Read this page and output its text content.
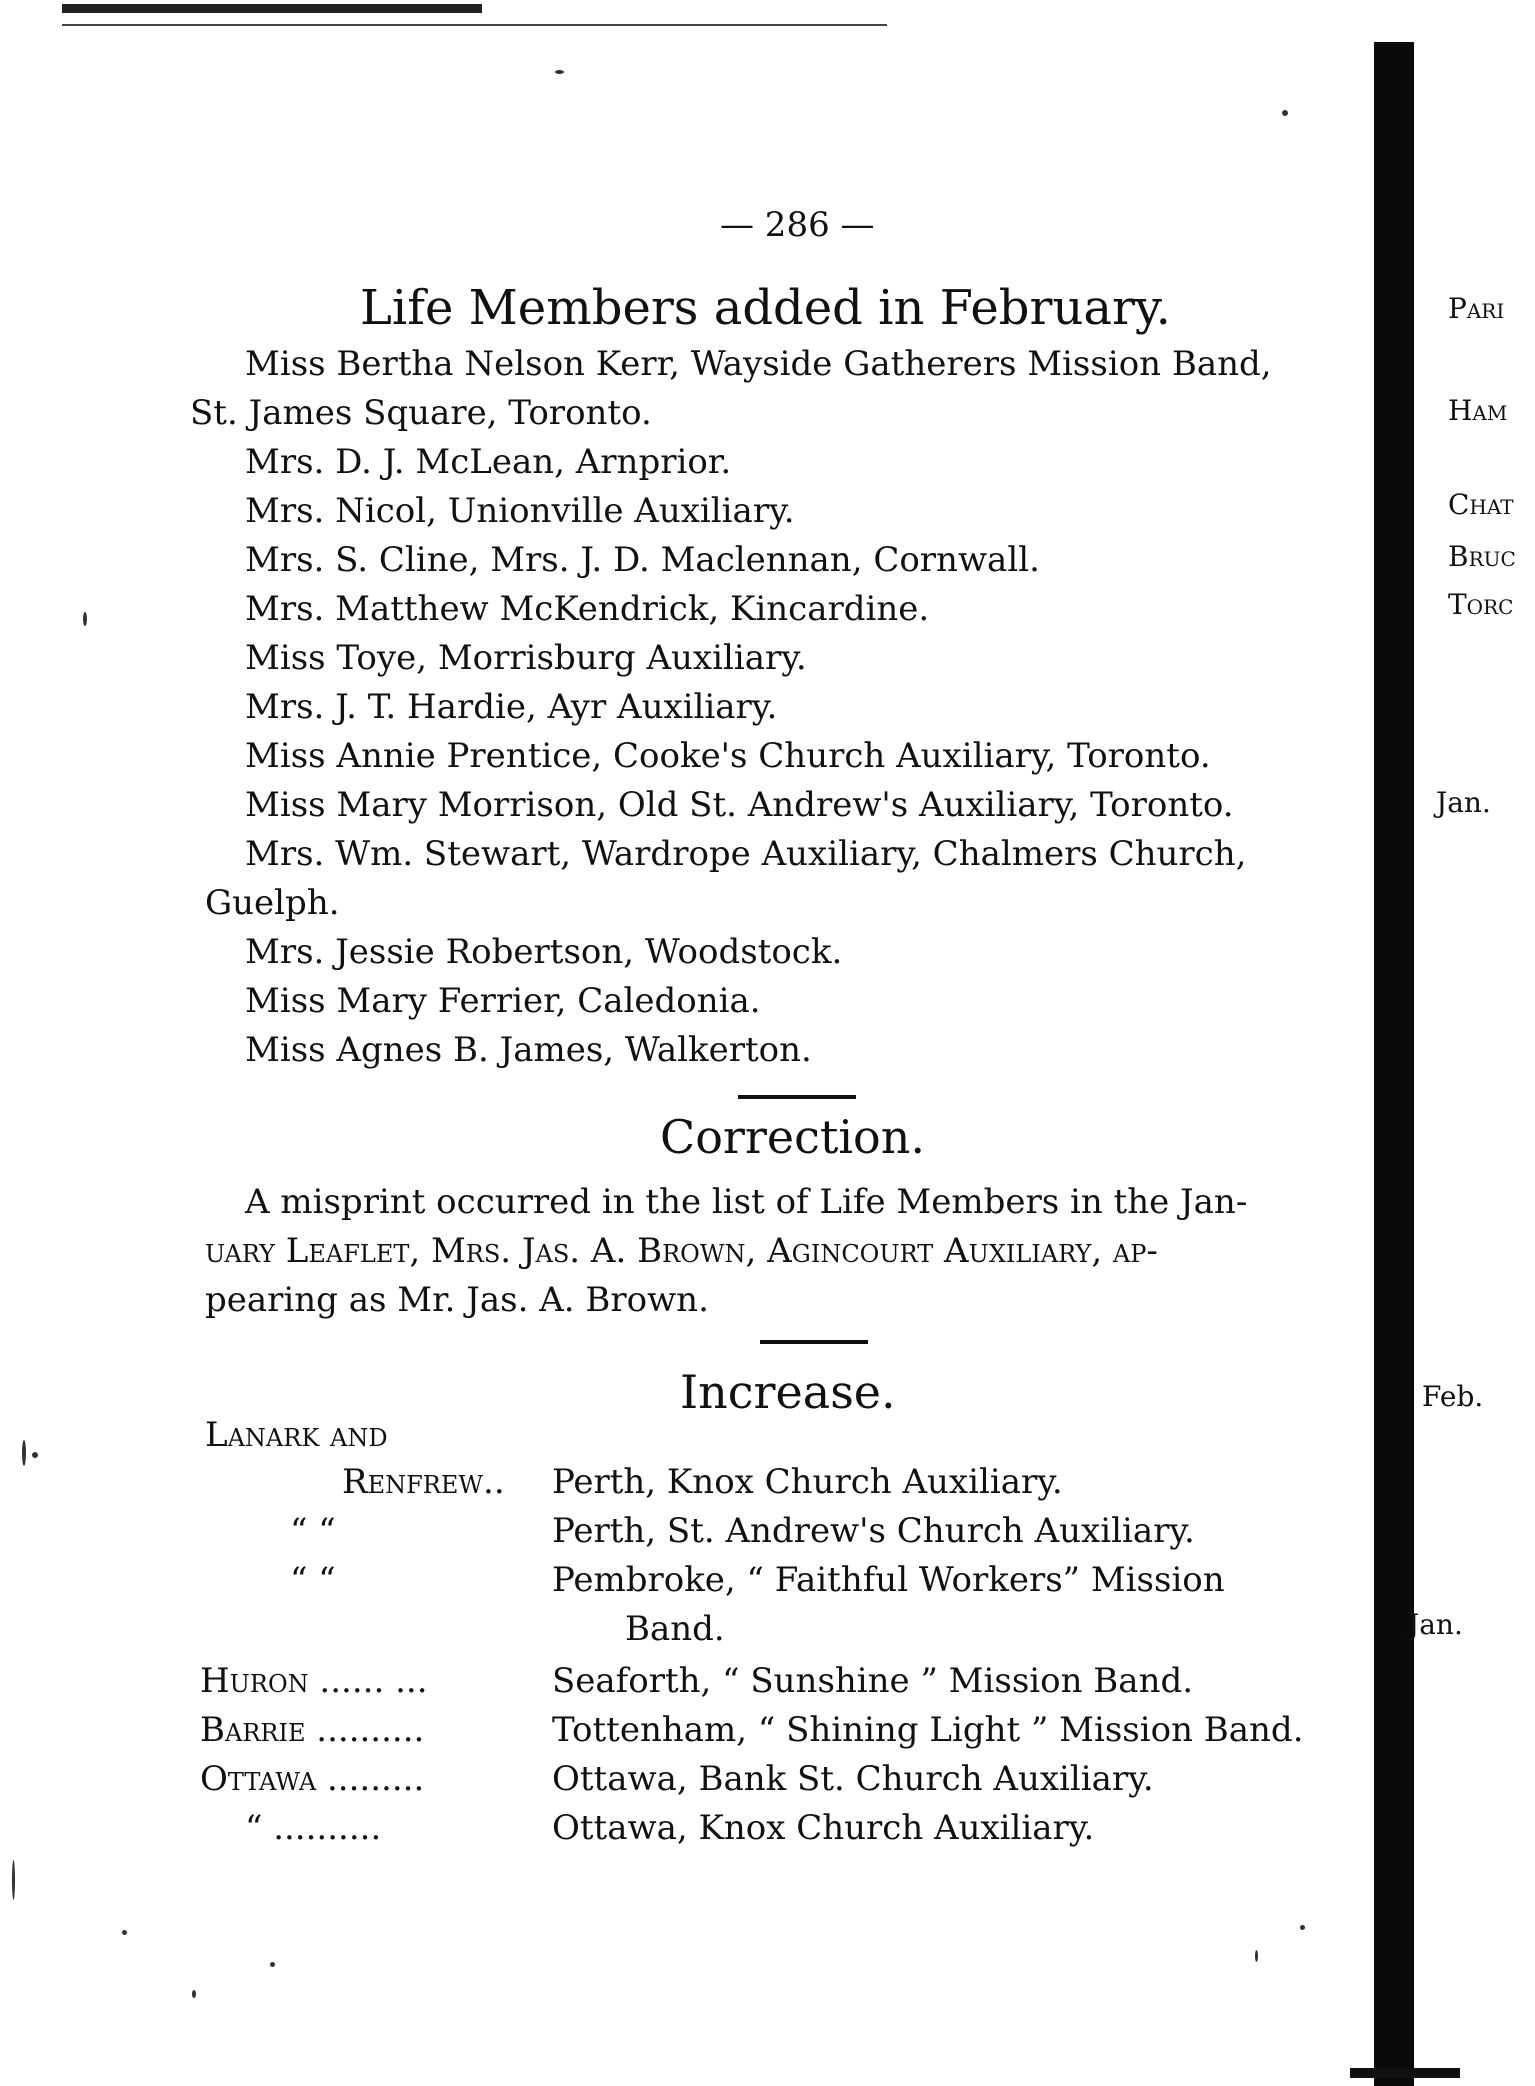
— 286 —
Life Members added in February.
Miss Bertha Nelson Kerr, Wayside Gatherers Mission Band,
St. James Square, Toronto.
Mrs. D. J. McLean, Arnprior.
Mrs. Nicol, Unionville Auxiliary.
Mrs. S. Cline, Mrs. J. D. Maclennan, Cornwall.
Mrs. Matthew McKendrick, Kincardine.
Miss Toye, Morrisburg Auxiliary.
Mrs. J. T. Hardie, Ayr Auxiliary.
Miss Annie Prentice, Cooke's Church Auxiliary, Toronto.
Miss Mary Morrison, Old St. Andrew's Auxiliary, Toronto.
Mrs. Wm. Stewart, Wardrope Auxiliary, Chalmers Church,
Guelph.
Mrs. Jessie Robertson, Woodstock.
Miss Mary Ferrier, Caledonia.
Miss Agnes B. James, Walkerton.
Correction.
A misprint occurred in the list of Life Members in the Jan-
uary Leaflet, Mrs. Jas. A. Brown, Agincourt Auxiliary, ap-
pearing as Mr. Jas. A. Brown.
Increase.
Lanark and
Renfrew.. Perth, Knox Church Auxiliary.
“ “	Perth, St. Andrew's Church Auxiliary.
“ “	Pembroke, “ Faithful Workers” Mission
Band.
Huron ...... ...	Seaforth, “ Sunshine ” Mission Band.
Barrie ..........	Tottenham, “ Shining Light ” Mission Band.
Ottawa .........	Ottawa, Bank St. Church Auxiliary.
“ ..........	Ottawa, Knox Church Auxiliary.
Pari
Ham
Chat
Bruc
Torc
Jan.
Feb.
Jan.
